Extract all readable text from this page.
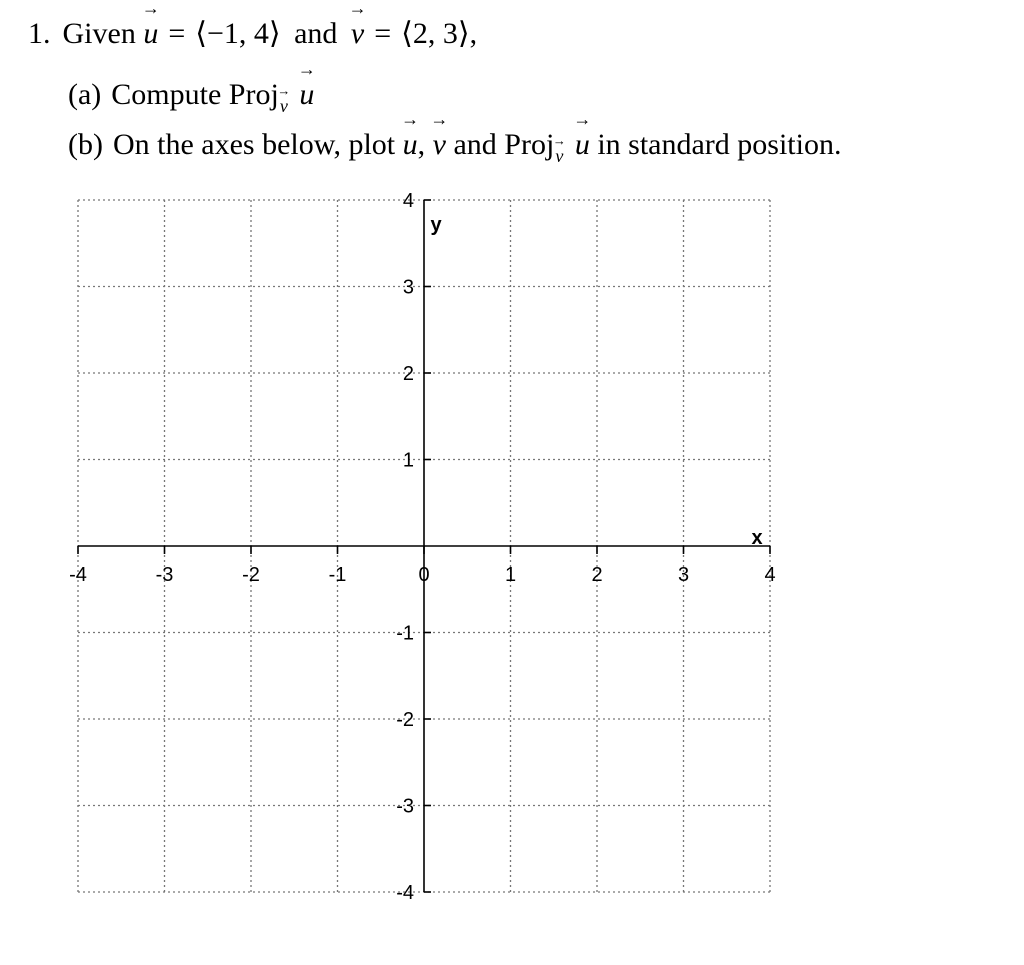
1. Given → u = ⟨−1, 4⟩ and → v = ⟨2, 3⟩,
(a) Compute Proj→ v → u
(b) On the axes below, plot → u, → v and Proj→ v → u in standard position.
-4	-3	-2	-1	0	1	2	3	4
4
3
2
1
-1
-2
-3
-4
x
y
